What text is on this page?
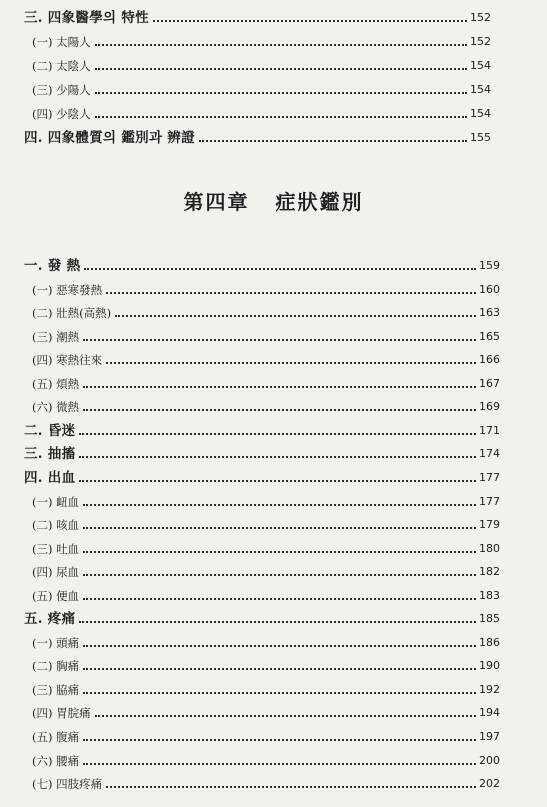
三. 四象醫學의 特性	152
(一) 太陽人	152
(二) 太陰人	154
(三) 少陽人	154
(四) 少陰人	154
四. 四象體質의 鑑別과 辨證	155
第四章 症狀鑑別
一. 發 熱	159
(一) 惡寒發熱	160
(二) 壯熱(高熱)	163
(三) 潮熱	165
(四) 寒熱往來	166
(五) 煩熱	167
(六) 微熱	169
二. 昏迷	171
三. 抽搐	174
四. 出血	177
(一) 衄血	177
(二) 咳血	179
(三) 吐血	180
(四) 尿血	182
(五) 便血	183
五. 疼痛	185
(一) 頭痛	186
(二) 胸痛	190
(三) 脇痛	192
(四) 胃脘痛	194
(五) 腹痛	197
(六) 腰痛	200
(七) 四肢疼痛	202
